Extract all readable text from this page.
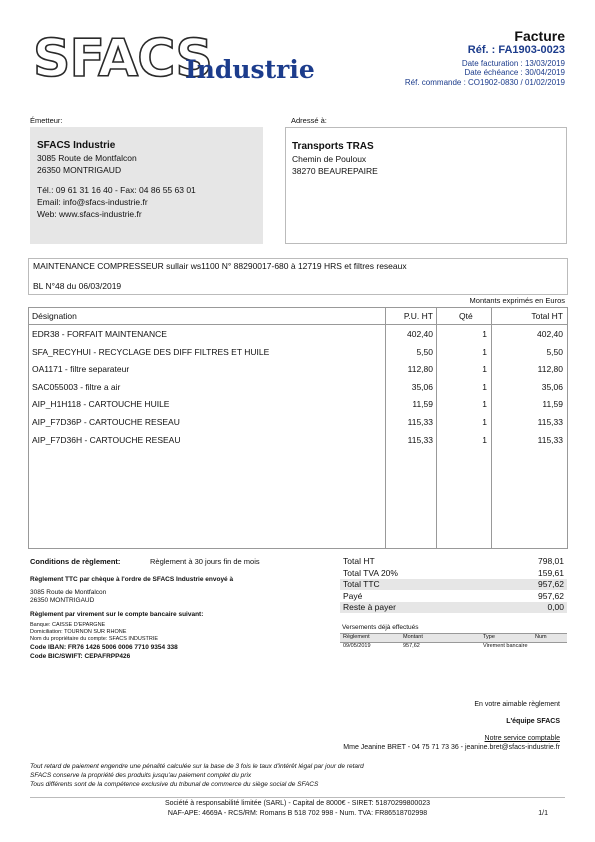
SFACS
Industrie
Facture
Réf. : FA1903-0023
Date facturation : 13/03/2019
Date échéance : 30/04/2019
Réf. commande : CO1902-0830 / 01/02/2019
Émetteur:
SFACS Industrie
3085 Route de Montfalcon
26350 MONTRIGAUD
Tél.: 09 61 31 16 40 - Fax: 04 86 55 63 01
Email: info@sfacs-industrie.fr
Web: www.sfacs-industrie.fr
Adressé à:
Transports TRAS
Chemin de Pouloux
38270 BEAUREPAIRE
MAINTENANCE COMPRESSEUR sullair ws1100 N° 88290017-680 à 12719 HRS et filtres reseaux
BL N°48 du 06/03/2019
Montants exprimés en Euros
Désignation	P.U. HT	Qté	Total HT
EDR38 - FORFAIT MAINTENANCE	402,40	1	402,40
SFA_RECYHUI - RECYCLAGE DES DIFF FILTRES ET HUILE	5,50	1	5,50
OA1171 - filtre separateur	112,80	1	112,80
SAC055003 - filtre a air	35,06	1	35,06
AIP_H1H118 - CARTOUCHE HUILE	11,59	1	11,59
AIP_F7D36P - CARTOUCHE RESEAU	115,33	1	115,33
AIP_F7D36H - CARTOUCHE RESEAU	115,33	1	115,33
Conditions de règlement:	Règlement à 30 jours fin de mois
Règlement TTC par chèque à l'ordre de SFACS Industrie envoyé à
3085 Route de Montfalcon
26350 MONTRIGAUD
Règlement par virement sur le compte bancaire suivant:
Banque: CAISSE D'EPARGNE
Domiciliation: TOURNON SUR RHONE
Nom du propriétaire du compte: SFACS INDUSTRIE
Code IBAN: FR76 1426 5006 0006 7710 9354 338
Code BIC/SWIFT: CEPAFRPP426
Total HT	798,01
Total TVA 20%	159,61
Total TTC	957,62
Payé	957,62
Reste à payer	0,00
Versements déjà effectués
Règlement	Montant	Type	Num
09/05/2019	957,62	Virement bancaire
En votre aimable règlement
L'équipe SFACS
Notre service comptable
Mme Jeanine BRET - 04 75 71 73 36 - jeanine.bret@sfacs-industrie.fr
Tout retard de paiement engendre une pénalité calculée sur la base de 3 fois le taux d'intérêt légal par jour de retard
SFACS conserve la propriété des produits jusqu'au paiement complet du prix
Tous différents sont de la compétence exclusive du tribunal de commerce du siège social de SFACS
Société à responsabilité limitée (SARL) - Capital de 8000€ - SIRET: 51870299800023
NAF-APE: 4669A - RCS/RM: Romans B 518 702 998 - Num. TVA: FR86518702998	1/1
